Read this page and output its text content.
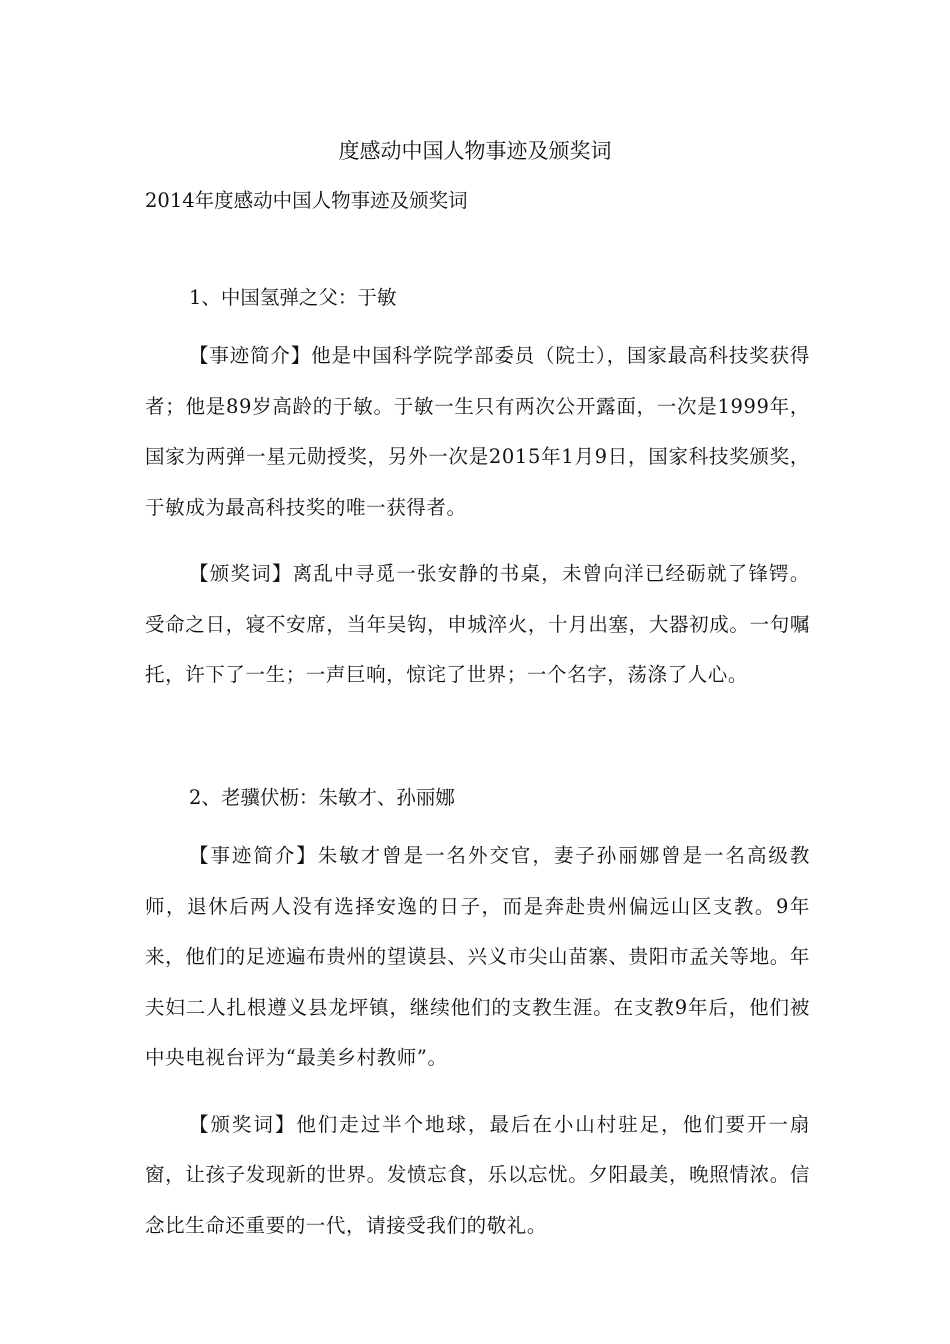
度感动中国人物事迹及颁奖词

2014年度感动中国人物事迹及颁奖词

1、中国氢弹之父：于敏

【事迹简介】他是中国科学院学部委员（院士），国家最高科技奖获得者；他是89岁高龄的于敏。于敏一生只有两次公开露面，一次是1999年，国家为两弹一星元勋授奖，另外一次是2015年1月9日，国家科技奖颁奖，于敏成为最高科技奖的唯一获得者。

【颁奖词】离乱中寻觅一张安静的书桌，未曾向洋已经砺就了锋锷。受命之日，寝不安席，当年吴钩，申城淬火，十月出塞，大器初成。一句嘱托，许下了一生；一声巨响，惊诧了世界；一个名字，荡涤了人心。

2、老骥伏枥：朱敏才、孙丽娜

【事迹简介】朱敏才曾是一名外交官，妻子孙丽娜曾是一名高级教师，退休后两人没有选择安逸的日子，而是奔赴贵州偏远山区支教。9年来，他们的足迹遍布贵州的望谟县、兴义市尖山苗寨、贵阳市孟关等地。年夫妇二人扎根遵义县龙坪镇，继续他们的支教生涯。在支教9年后，他们被中央电视台评为“最美乡村教师”。

【颁奖词】他们走过半个地球，最后在小山村驻足，他们要开一扇窗，让孩子发现新的世界。发愤忘食，乐以忘忧。夕阳最美，晚照情浓。信念比生命还重要的一代，请接受我们的敬礼。
